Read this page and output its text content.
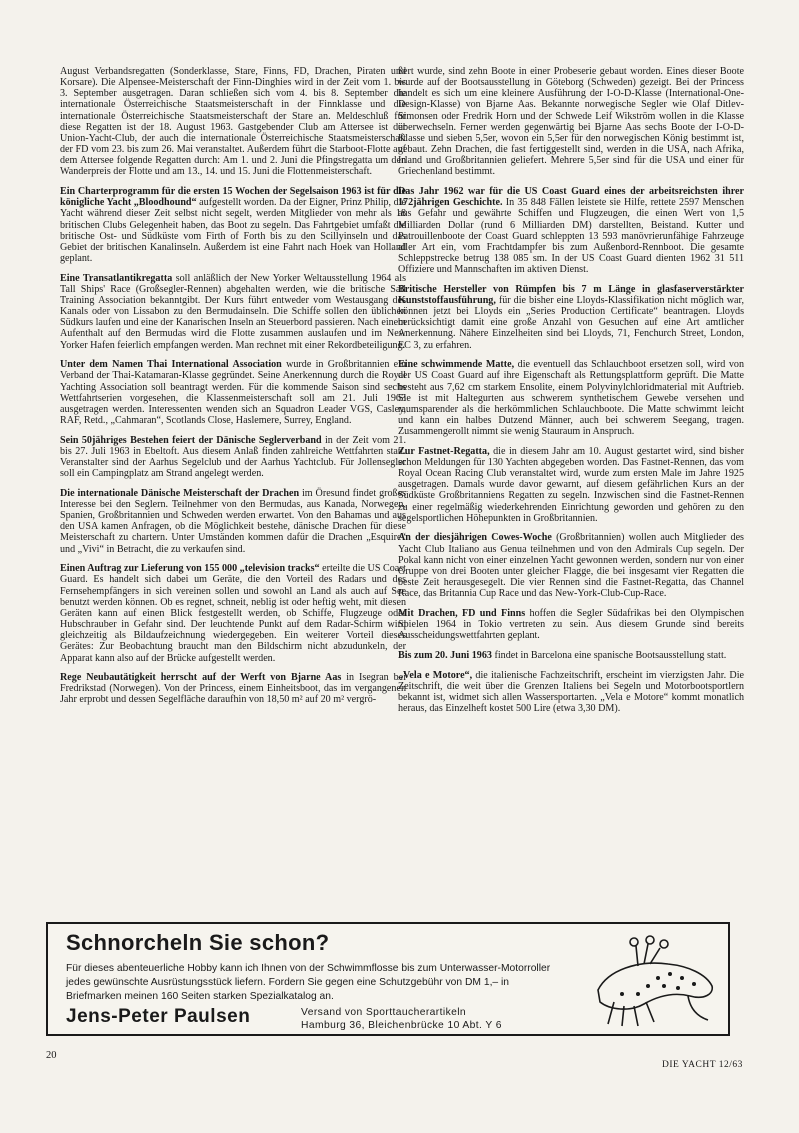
August Verbandsregatten (Sonderklasse, Stare, Finns, FD, Drachen, Piraten und Korsare). Die Alpensee-Meisterschaft der Finn-Dinghies wird in der Zeit vom 1. bis 3. September ausgetragen. Daran schließen sich vom 4. bis 8. September die internationale Österreichische Staatsmeisterschaft in der Finnklasse und die internationale Österreichische Staatsmeisterschaft der Stare an. Meldeschluß für diese Regatten ist der 18. August 1963. Gastgebender Club am Attersee ist der Union-Yacht-Club, der auch die internationale Österreichische Staatsmeisterschaft der FD vom 23. bis zum 26. Mai veranstaltet. Außerdem führt die Starboot-Flotte auf dem Attersee folgende Regatten durch: Am 1. und 2. Juni die Pfingstregatta um den Wanderpreis der Flotte und am 13., 14. und 15. Juni die Flottenmeisterschaft.

Ein Charterprogramm für die ersten 15 Wochen der Segelsaison 1963 ist für die königliche Yacht „Bloodhound“ aufgestellt worden. Da der Eigner, Prinz Philip, die Yacht während dieser Zeit selbst nicht segelt, werden Mitglieder von mehr als 18 britischen Clubs Gelegenheit haben, das Boot zu segeln. Das Fahrtgebiet umfaßt die britische Ost- und Südküste vom Firth of Forth bis zu den Scillyinseln und das Gebiet der britischen Kanalinseln. Außerdem ist eine Fahrt nach Hoek van Holland geplant.

Eine Transatlantikregatta soll anläßlich der New Yorker Weltausstellung 1964 als Tall Ships' Race (Großsegler-Rennen) abgehalten werden, wie die britische Sail Training Association bekanntgibt. Der Kurs führt entweder vom Westausgang des Kanals oder von Lissabon zu den Bermudainseln. Die Schiffe sollen den üblichen Südkurs laufen und eine der Kanarischen Inseln an Steuerbord passieren. Nach einem Aufenthalt auf den Bermudas wird die Flotte zusammen auslaufen und im New Yorker Hafen feierlich empfangen werden. Man rechnet mit einer Rekordbeteiligung.

Unter dem Namen Thai International Association wurde in Großbritannien ein Verband der Thai-Katamaran-Klasse gegründet. Seine Anerkennung durch die Royal Yachting Association soll beantragt werden. Für die kommende Saison sind sechs Wettfahrtserien vorgesehen, die Klassenmeisterschaft soll am 21. Juli 1963 ausgetragen werden. Interessenten wenden sich an Squadron Leader VGS, Casley, RAF, Retd., „Cahmaran“, Scotlands Close, Haslemere, Surrey, England.

Sein 50jähriges Bestehen feiert der Dänische Seglerverband in der Zeit vom 21. bis 27. Juli 1963 in Ebeltoft. Aus diesem Anlaß finden zahlreiche Wettfahrten statt. Veranstalter sind der Aarhus Segelclub und der Aarhus Yachtclub. Für Jollensegler soll ein Campingplatz am Strand angelegt werden.

Die internationale Dänische Meisterschaft der Drachen im Öresund findet großes Interesse bei den Seglern. Teilnehmer von den Bermudas, aus Kanada, Norwegen, Spanien, Großbritannien und Schweden werden erwartet. Von den Bahamas und aus den USA kamen Anfragen, ob die Möglichkeit bestehe, dänische Drachen für diese Meisterschaft zu chartern. Unter Umständen kommen dafür die Drachen „Esquire“ und „Vivi“ in Betracht, die zu verkaufen sind.

Einen Auftrag zur Lieferung von 155 000 „television tracks“ erteilte die US Coast Guard. Es handelt sich dabei um Geräte, die den Vorteil des Radars und des Fernsehempfängers in sich vereinen sollen und sowohl an Land als auch auf See benutzt werden können. Ob es regnet, schneit, neblig ist oder heftig weht, mit diesen Geräten kann auf einen Blick festgestellt werden, ob Schiffe, Flugzeuge oder Hubschrauber in Gefahr sind. Der leuchtende Punkt auf dem Radar-Schirm wird gleichzeitig als Bildaufzeichnung wiedergegeben. Ein weiterer Vorteil dieses Gerätes: Zur Beobachtung braucht man den Bildschirm nicht abzudunkeln, der Apparat kann also auf der Brücke aufgestellt werden.

Rege Neubautätigkeit herrscht auf der Werft von Bjarne Aas in Isegran bei Fredrikstad (Norwegen). Von der Princess, einem Einheitsboot, das im vergangenen Jahr erprobt und dessen Segelfläche daraufhin von 18,50 m² auf 20 m² vergrö-

ßert wurde, sind zehn Boote in einer Probeserie gebaut worden. Eines dieser Boote wurde auf der Bootsausstellung in Göteborg (Schweden) gezeigt. Bei der Princess handelt es sich um eine kleinere Ausführung der I-O-D-Klasse (International-One-Design-Klasse) von Bjarne Aas. Bekannte norwegische Segler wie Olaf Ditlev-Simonsen oder Fredrik Horn und der Schwede Leif Wikström wollen in die Klasse überwechseln. Ferner werden gegenwärtig bei Bjarne Aas sechs Boote der I-O-D-Klasse und sieben 5,5er, wovon ein 5,5er für den norwegischen König bestimmt ist, gebaut. Zehn Drachen, die fast fertiggestellt sind, werden in die USA, nach Afrika, Irland und Großbritannien geliefert. Mehrere 5,5er sind für die USA und einer für Griechenland bestimmt.

Das Jahr 1962 war für die US Coast Guard eines der arbeitsreichsten ihrer 172jährigen Geschichte. In 35 848 Fällen leistete sie Hilfe, rettete 2597 Menschen aus Gefahr und gewährte Schiffen und Flugzeugen, die einen Wert von 1,5 Milliarden Dollar (rund 6 Milliarden DM) darstellten, Beistand. Kutter und Patrouillenboote der Coast Guard schleppten 13 593 manövrierunfähige Fahrzeuge aller Art ein, vom Frachtdampfer bis zum Außenbord-Rennboot. Die gesamte Schleppstrecke betrug 138 085 sm. In der US Coast Guard dienten 1962 31 511 Offiziere und Mannschaften im aktiven Dienst.

Britische Hersteller von Rümpfen bis 7 m Länge in glasfaserverstärkter Kunststoffausführung, für die bisher eine Lloyds-Klassifikation nicht möglich war, können jetzt bei Lloyds ein „Series Production Certificate“ beantragen. Lloyds berücksichtigt damit eine große Anzahl von Gesuchen auf eine Art amtlicher Anerkennung. Nähere Einzelheiten sind bei Lloyds, 71, Fenchurch Street, London, EC 3, zu erfahren.

Eine schwimmende Matte, die eventuell das Schlauchboot ersetzen soll, wird von der US Coast Guard auf ihre Eigenschaft als Rettungsplattform geprüft. Die Matte besteht aus 7,62 cm starkem Ensolite, einem Polyvinylchloridmaterial mit Auftrieb. Sie ist mit Haltegurten aus schwerem synthetischem Gewebe versehen und raumsparender als die herkömmlichen Schlauchboote. Die Matte schwimmt leicht und kann ein halbes Dutzend Männer, auch bei schwerem Seegang, tragen. Zusammengerollt nimmt sie wenig Stauraum in Anspruch.

Zur Fastnet-Regatta, die in diesem Jahr am 10. August gestartet wird, sind bisher schon Meldungen für 130 Yachten abgegeben worden. Das Fastnet-Rennen, das vom Royal Ocean Racing Club veranstaltet wird, wurde zum ersten Male im Jahre 1925 ausgetragen. Damals wurde davor gewarnt, auf diesem gefährlichen Kurs an der Südküste Großbritanniens Regatten zu segeln. Inzwischen sind die Fastnet-Rennen zu einer regelmäßig wiederkehrenden Einrichtung geworden und gehören zu den segelsportlichen Höhepunkten in Großbritannien.

An der diesjährigen Cowes-Woche (Großbritannien) wollen auch Mitglieder des Yacht Club Italiano aus Genua teilnehmen und von den Admirals Cup segeln. Der Pokal kann nicht von einer einzelnen Yacht gewonnen werden, sondern nur von einer Gruppe von drei Booten unter gleicher Flagge, die bei insgesamt vier Regatten die beste Zeit herausgesegelt. Die vier Rennen sind die Fastnet-Regatta, das Channel Race, das Britannia Cup Race und das New-York-Club-Cup-Race.

Mit Drachen, FD und Finns hoffen die Segler Südafrikas bei den Olympischen Spielen 1964 in Tokio vertreten zu sein. Aus diesem Grunde sind bereits Ausscheidungswettfahrten geplant.

Bis zum 20. Juni 1963 findet in Barcelona eine spanische Bootsausstellung statt.

„Vela e Motore“, die italienische Fachzeitschrift, erscheint im vierzigsten Jahr. Die Zeitschrift, die weit über die Grenzen Italiens bei Segeln und Motorbootsportlern bekannt ist, widmet sich allen Wassersportarten. „Vela e Motore“ kommt monatlich heraus, das Einzelheft kostet 500 Lire (etwa 3,30 DM).

Schnorcheln Sie schon?
Für dieses abenteuerliche Hobby kann ich Ihnen von der Schwimmflosse bis zum Unterwasser-Motorroller jedes gewünschte Ausrüstungsstück liefern. Fordern Sie gegen eine Schutzgebühr von DM 1,– in Briefmarken meinen 160 Seiten starken Spezialkatalog an.
Jens-Peter Paulsen	Versand von Sporttaucherartikeln
Hamburg 36, Bleichenbrücke 10 Abt. Y 6
20
DIE YACHT 12/63
